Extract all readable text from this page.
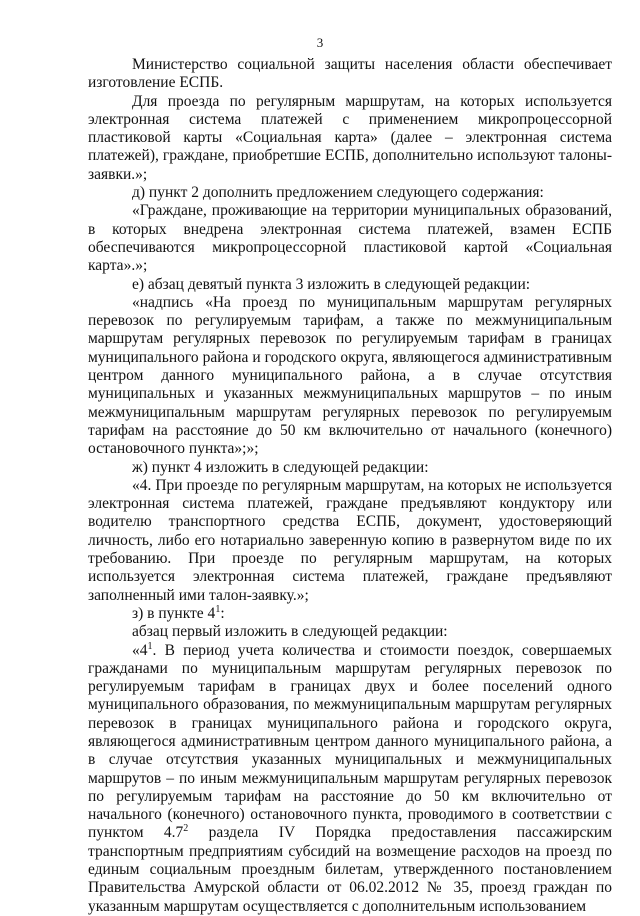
3

Министерство социальной защиты населения области обеспечивает изготовление ЕСПБ.

Для проезда по регулярным маршрутам, на которых используется электронная система платежей с применением микропроцессорной пластиковой карты «Социальная карта» (далее – электронная система платежей), граждане, приобретшие ЕСПБ, дополнительно используют талоны-заявки.»;

д) пункт 2 дополнить предложением следующего содержания:

«Граждане, проживающие на территории муниципальных образований, в которых внедрена электронная система платежей, взамен ЕСПБ обеспечиваются микропроцессорной пластиковой картой «Социальная карта».»;

е) абзац девятый пункта 3 изложить в следующей редакции:

«надпись «На проезд по муниципальным маршрутам регулярных перевозок по регулируемым тарифам, а также по межмуниципальным маршрутам регулярных перевозок по регулируемым тарифам в границах муниципального района и городского округа, являющегося административным центром данного муниципального района, а в случае отсутствия муниципальных и указанных межмуниципальных маршрутов – по иным межмуниципальным маршрутам регулярных перевозок по регулируемым тарифам на расстояние до 50 км включительно от начального (конечного) остановочного пункта»;»;

ж) пункт 4 изложить в следующей редакции:

«4. При проезде по регулярным маршрутам, на которых не используется электронная система платежей, граждане предъявляют кондуктору или водителю транспортного средства ЕСПБ, документ, удостоверяющий личность, либо его нотариально заверенную копию в развернутом виде по их требованию. При проезде по регулярным маршрутам, на которых используется электронная система платежей, граждане предъявляют заполненный ими талон-заявку.»;

з) в пункте $4^1$:

абзац первый изложить в следующей редакции:

«$4^1$. В период учета количества и стоимости поездок, совершаемых гражданами по муниципальным маршрутам регулярных перевозок по регулируемым тарифам в границах двух и более поселений одного муниципального образования, по межмуниципальным маршрутам регулярных перевозок в границах муниципального района и городского округа, являющегося административным центром данного муниципального района, а в случае отсутствия указанных муниципальных и межмуниципальных маршрутов – по иным межмуниципальным маршрутам регулярных перевозок по регулируемым тарифам на расстояние до 50 км включительно от начального (конечного) остановочного пункта, проводимого в соответствии с пунктом $4.7^2$ раздела IV Порядка предоставления пассажирским транспортным предприятиям субсидий на возмещение расходов на проезд по единым социальным проездным билетам, утвержденного постановлением Правительства Амурской области от 06.02.2012 № 35, проезд граждан по указанным маршрутам осуществляется с дополнительным использованием
